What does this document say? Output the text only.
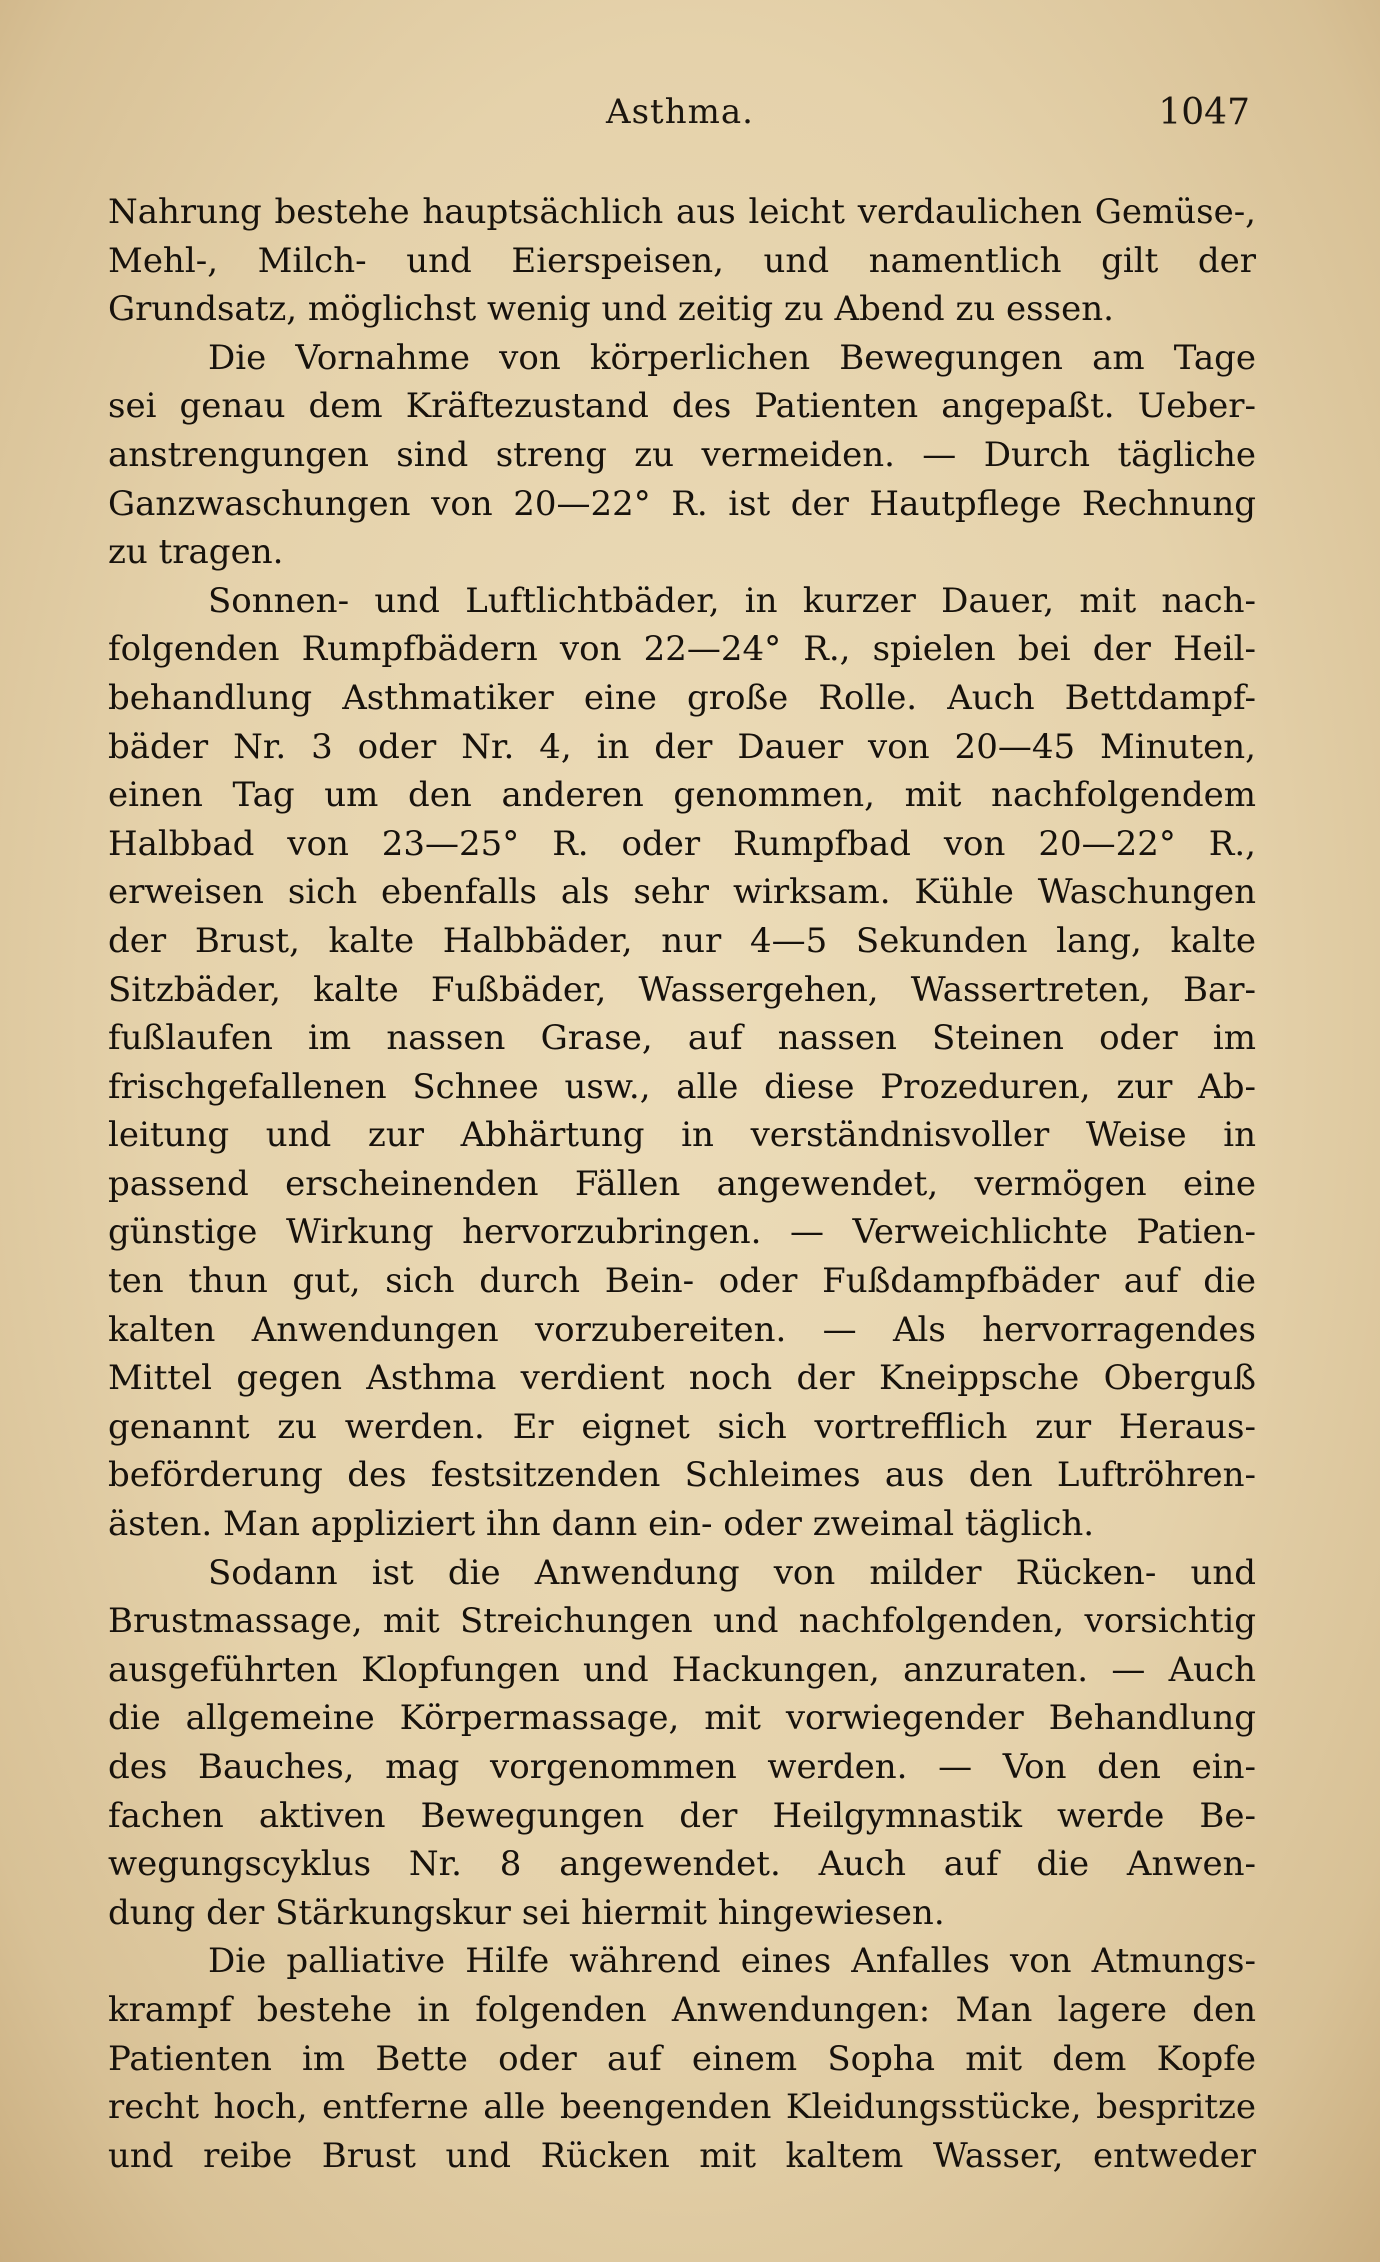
Asthma.	1047
Nahrung bestehe hauptsächlich aus leicht verdaulichen Gemüse-,
Mehl-, Milch- und Eierspeisen, und namentlich gilt der
Grundsatz, möglichst wenig und zeitig zu Abend zu essen.
Die Vornahme von körperlichen Bewegungen am Tage
sei genau dem Kräftezustand des Patienten angepaßt. Ueber-
anstrengungen sind streng zu vermeiden. — Durch tägliche
Ganzwaschungen von 20—22° R. ist der Hautpflege Rechnung
zu tragen.
Sonnen- und Luftlichtbäder, in kurzer Dauer, mit nach-
folgenden Rumpfbädern von 22—24° R., spielen bei der Heil-
behandlung Asthmatiker eine große Rolle. Auch Bettdampf-
bäder Nr. 3 oder Nr. 4, in der Dauer von 20—45 Minuten,
einen Tag um den anderen genommen, mit nachfolgendem
Halbbad von 23—25° R. oder Rumpfbad von 20—22° R.,
erweisen sich ebenfalls als sehr wirksam. Kühle Waschungen
der Brust, kalte Halbbäder, nur 4—5 Sekunden lang, kalte
Sitzbäder, kalte Fußbäder, Wassergehen, Wassertreten, Bar-
fußlaufen im nassen Grase, auf nassen Steinen oder im
frischgefallenen Schnee usw., alle diese Prozeduren, zur Ab-
leitung und zur Abhärtung in verständnisvoller Weise in
passend erscheinenden Fällen angewendet, vermögen eine
günstige Wirkung hervorzubringen. — Verweichlichte Patien-
ten thun gut, sich durch Bein- oder Fußdampfbäder auf die
kalten Anwendungen vorzubereiten. — Als hervorragendes
Mittel gegen Asthma verdient noch der Kneippsche Oberguß
genannt zu werden. Er eignet sich vortrefflich zur Heraus-
beförderung des festsitzenden Schleimes aus den Luftröhren-
ästen. Man appliziert ihn dann ein- oder zweimal täglich.
Sodann ist die Anwendung von milder Rücken- und
Brustmassage, mit Streichungen und nachfolgenden, vorsichtig
ausgeführten Klopfungen und Hackungen, anzuraten. — Auch
die allgemeine Körpermassage, mit vorwiegender Behandlung
des Bauches, mag vorgenommen werden. — Von den ein-
fachen aktiven Bewegungen der Heilgymnastik werde Be-
wegungscyklus Nr. 8 angewendet. Auch auf die Anwen-
dung der Stärkungskur sei hiermit hingewiesen.
Die palliative Hilfe während eines Anfalles von Atmungs-
krampf bestehe in folgenden Anwendungen: Man lagere den
Patienten im Bette oder auf einem Sopha mit dem Kopfe
recht hoch, entferne alle beengenden Kleidungsstücke, bespritze
und reibe Brust und Rücken mit kaltem Wasser, entweder
